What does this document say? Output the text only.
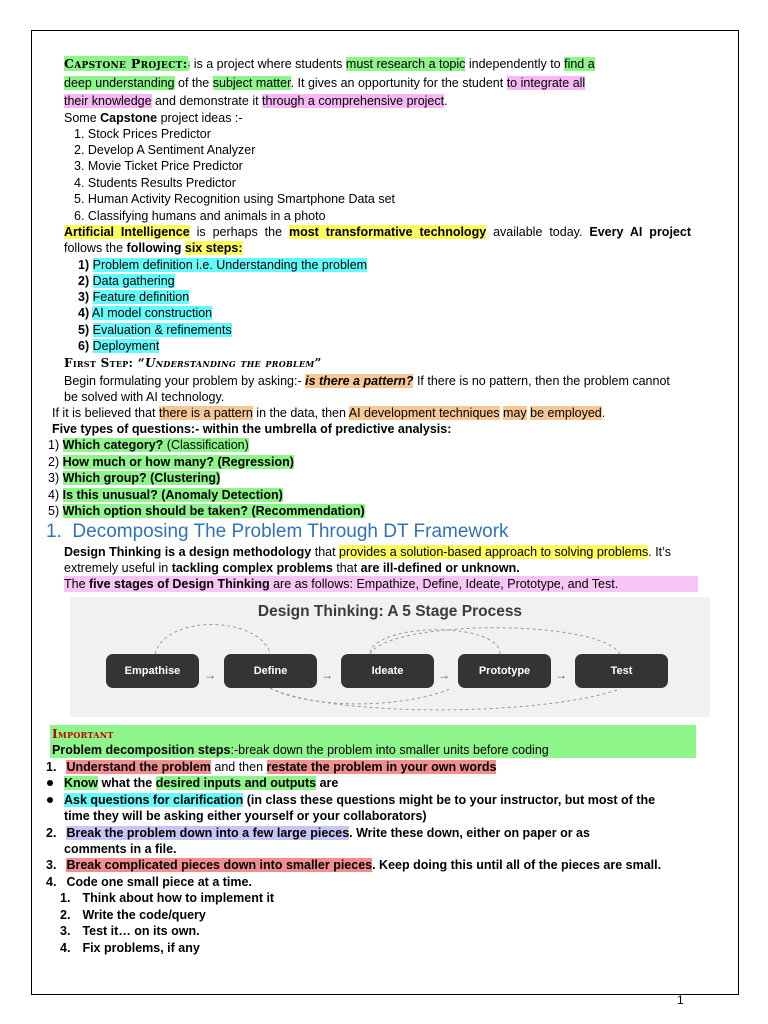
Capstone Project:- is a project where students must research a topic independently to find a
deep understanding of the subject matter. It gives an opportunity for the student to integrate all
their knowledge and demonstrate it through a comprehensive project.
Some Capstone project ideas :-
1. Stock Prices Predictor
2. Develop A Sentiment Analyzer
3. Movie Ticket Price Predictor
4. Students Results Predictor
5. Human Activity Recognition using Smartphone Data set
6. Classifying humans and animals in a photo
Artificial Intelligence is perhaps the most transformative technology available today. Every AI project
follows the following six steps:
1) Problem definition i.e. Understanding the problem
2) Data gathering
3) Feature definition
4) AI model construction
5) Evaluation & refinements
6) Deployment
First Step: “Understanding the problem”
Begin formulating your problem by asking:- is there a pattern? If there is no pattern, then the problem cannot
be solved with AI technology.
If it is believed that there is a pattern in the data, then AI development techniques may be employed.
Five types of questions:- within the umbrella of predictive analysis:
1) Which category? (Classification)
2) How much or how many? (Regression)
3) Which group? (Clustering)
4) Is this unusual? (Anomaly Detection)
5) Which option should be taken? (Recommendation)
1.  Decomposing The Problem Through DT Framework
Design Thinking is a design methodology that provides a solution-based approach to solving problems. It’s
extremely useful in tackling complex problems that are ill-defined or unknown.
The five stages of Design Thinking are as follows: Empathize, Define, Ideate, Prototype, and Test.
Design Thinking: A 5 Stage Process
Empathise	→	Define	→	Ideate	→	Prototype	→	Test
Important
Problem decomposition steps:-break down the problem into smaller units before coding
1. Understand the problem and then restate the problem in your own words
Know what the desired inputs and outputs are
Ask questions for clarification (in class these questions might be to your instructor, but most of the
time they will be asking either yourself or your collaborators)
2. Break the problem down into a few large pieces. Write these down, either on paper or as
comments in a file.
3. Break complicated pieces down into smaller pieces. Keep doing this until all of the pieces are small.
4. Code one small piece at a time.
1. Think about how to implement it
2. Write the code/query
3. Test it… on its own.
4. Fix problems, if any
1
